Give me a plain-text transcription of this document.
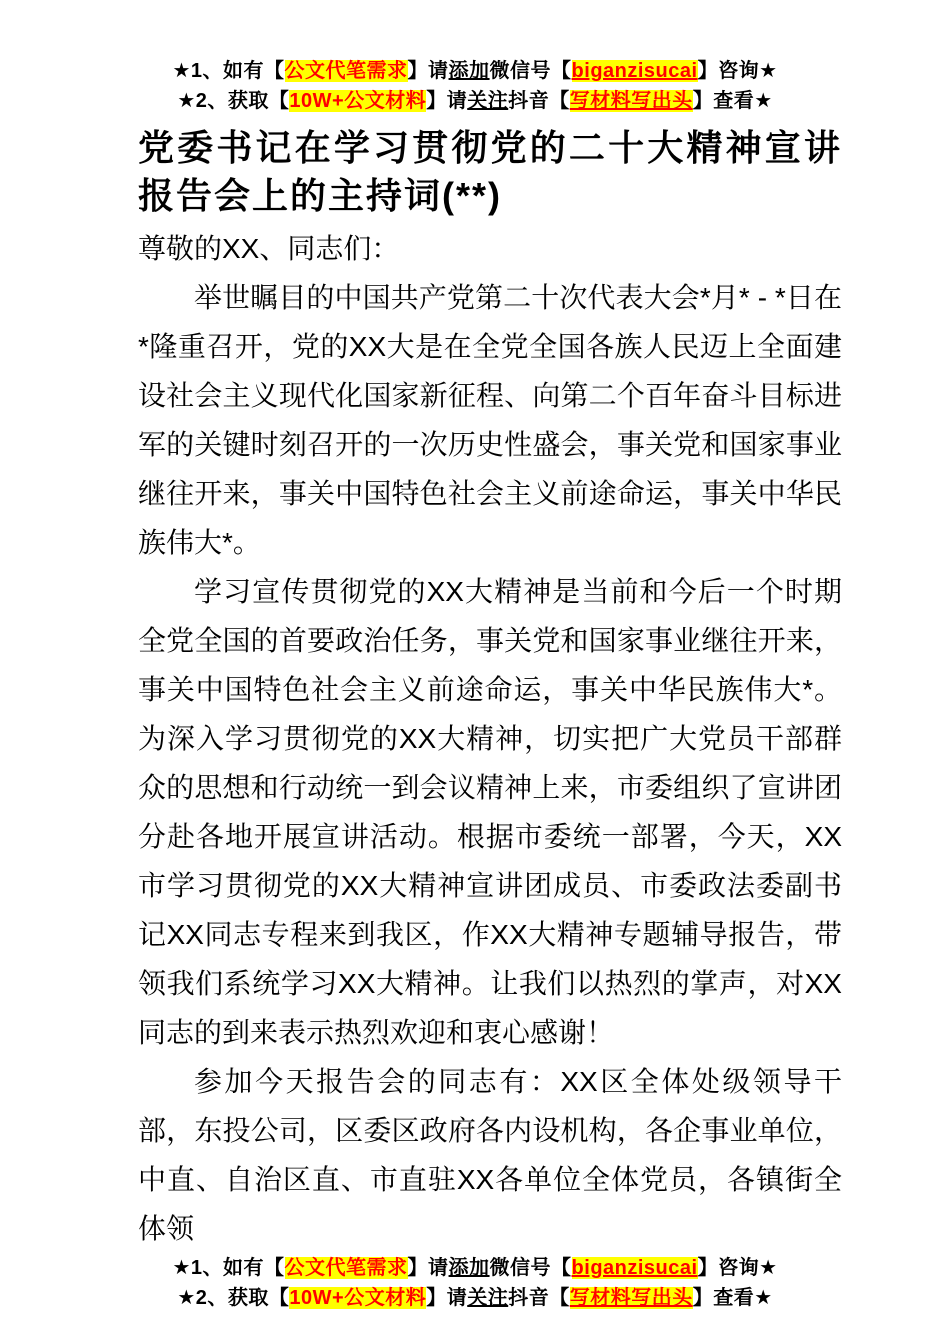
★1、如有【公文代笔需求】请添加微信号【biganzisucai】咨询★
★2、获取【10W+公文材料】请关注抖音【写材料写出头】查看★
党委书记在学习贯彻党的二十大精神宣讲报告会上的主持词(**)

尊敬的XX、同志们：

举世瞩目的中国共产党第二十次代表大会*月* - *日在*隆重召开，党的XX大是在全党全国各族人民迈上全面建设社会主义现代化国家新征程、向第二个百年奋斗目标进军的关键时刻召开的一次历史性盛会，事关党和国家事业继往开来，事关中国特色社会主义前途命运，事关中华民族伟大*。

学习宣传贯彻党的XX大精神是当前和今后一个时期全党全国的首要政治任务，事关党和国家事业继往开来，事关中国特色社会主义前途命运，事关中华民族伟大*。为深入学习贯彻党的XX大精神，切实把广大党员干部群众的思想和行动统一到会议精神上来，市委组织了宣讲团分赴各地开展宣讲活动。根据市委统一部署，今天，XX市学习贯彻党的XX大精神宣讲团成员、市委政法委副书记XX同志专程来到我区，作XX大精神专题辅导报告，带领我们系统学习XX大精神。让我们以热烈的掌声，对XX同志的到来表示热烈欢迎和衷心感谢！

参加今天报告会的同志有：XX区全体处级领导干部，东投公司，区委区政府各内设机构，各企事业单位，中直、自治区直、市直驻XX各单位全体党员，各镇街全体领

★1、如有【公文代笔需求】请添加微信号【biganzisucai】咨询★
★2、获取【10W+公文材料】请关注抖音【写材料写出头】查看★
